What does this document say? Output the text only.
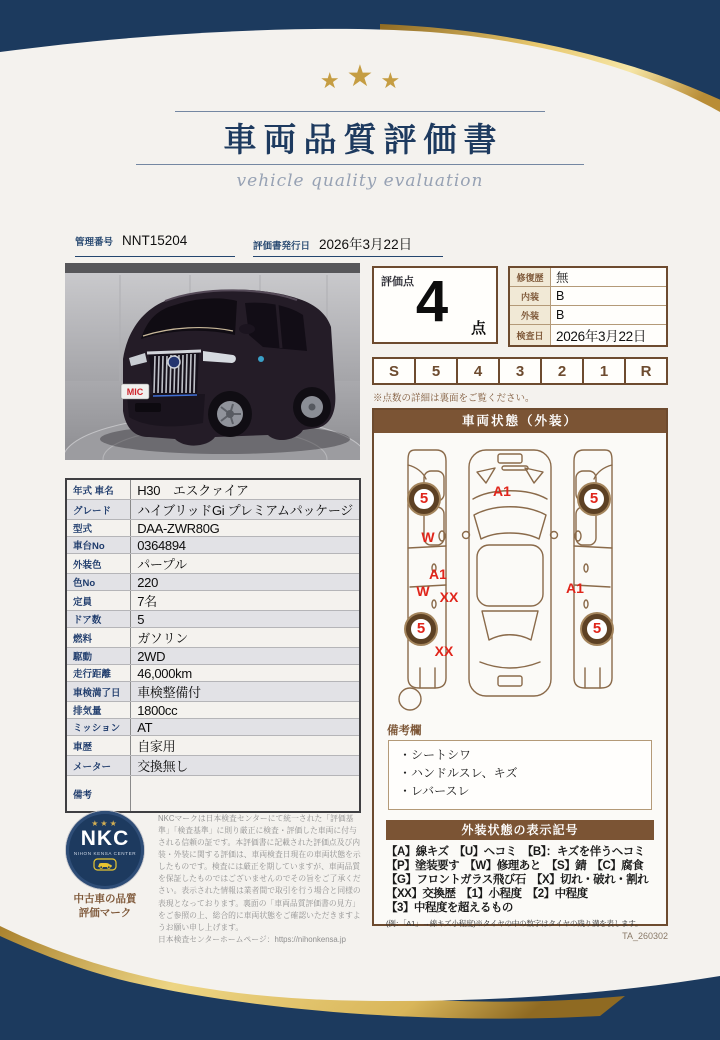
★ ★ ★
車両品質評価書
vehicle quality evaluation
管理番号 NNT15204	評価書発行日 2026年3月22日
MIC
評価点 4	点
修復歴	無
内装	B
外装	B
検査日	2026年3月22日
S	5	4	3	2	1	R
※点数の詳細は裏面をご覧ください。
車両状態（外装）
5	5
5	5
A1
W
A1
W XX
A1
XX
備考欄
・シートシワ
・ハンドルスレ、キズ
・レバースレ
外装状態の表示記号
【A】線キズ　【U】ヘコミ　【B】：キズを伴うヘコミ
【P】塗装要す　【W】修理あと　【S】錆　【C】腐食
【G】フロントガラス飛び石　【X】切れ・破れ・割れ
【XX】交換歴　【1】小程度　【2】中程度
【3】中程度を超えるもの
(例：「A1」→線キズ小程度)※タイヤの中の数字はタイヤの残り溝を表します。
TA_260302
年式 車名	H30　エスクァイア
グレード	ハイブリッドGi プレミアムパッケージ
型式	DAA-ZWR80G
車台No	0364894
外装色	パープル
色No	220
定員	7名
ドア数	5
燃料	ガソリン
駆動	2WD
走行距離	46,000km
車検満了日	車検整備付
排気量	1800cc
ミッション	AT
車歴	自家用
メーター	交換無し
備考	
★★★
NKC
NIHON KENSA CENTER
中古車の品質
評価マーク
NKCマークは日本検査センターにて統一された「評価基準」「検査基準」に則り厳正に検査・評価した車両に付与される信頼の証です。本評価書に記載された評価点及び内装・外装に関する評価は、車両検査日現在の車両状態を示したものです。検査には厳正を期していますが、車両品質を保証したものではございませんのでその旨をご了承ください。表示された情報は業者間で取引を行う場合と同様の表現となっております。裏面の「車両品質評価書の見方」をご参照の上、総合的に車両状態をご確認いただきますようお願い申し上げます。
日本検査センターホームページ：https://nihonkensa.jp
